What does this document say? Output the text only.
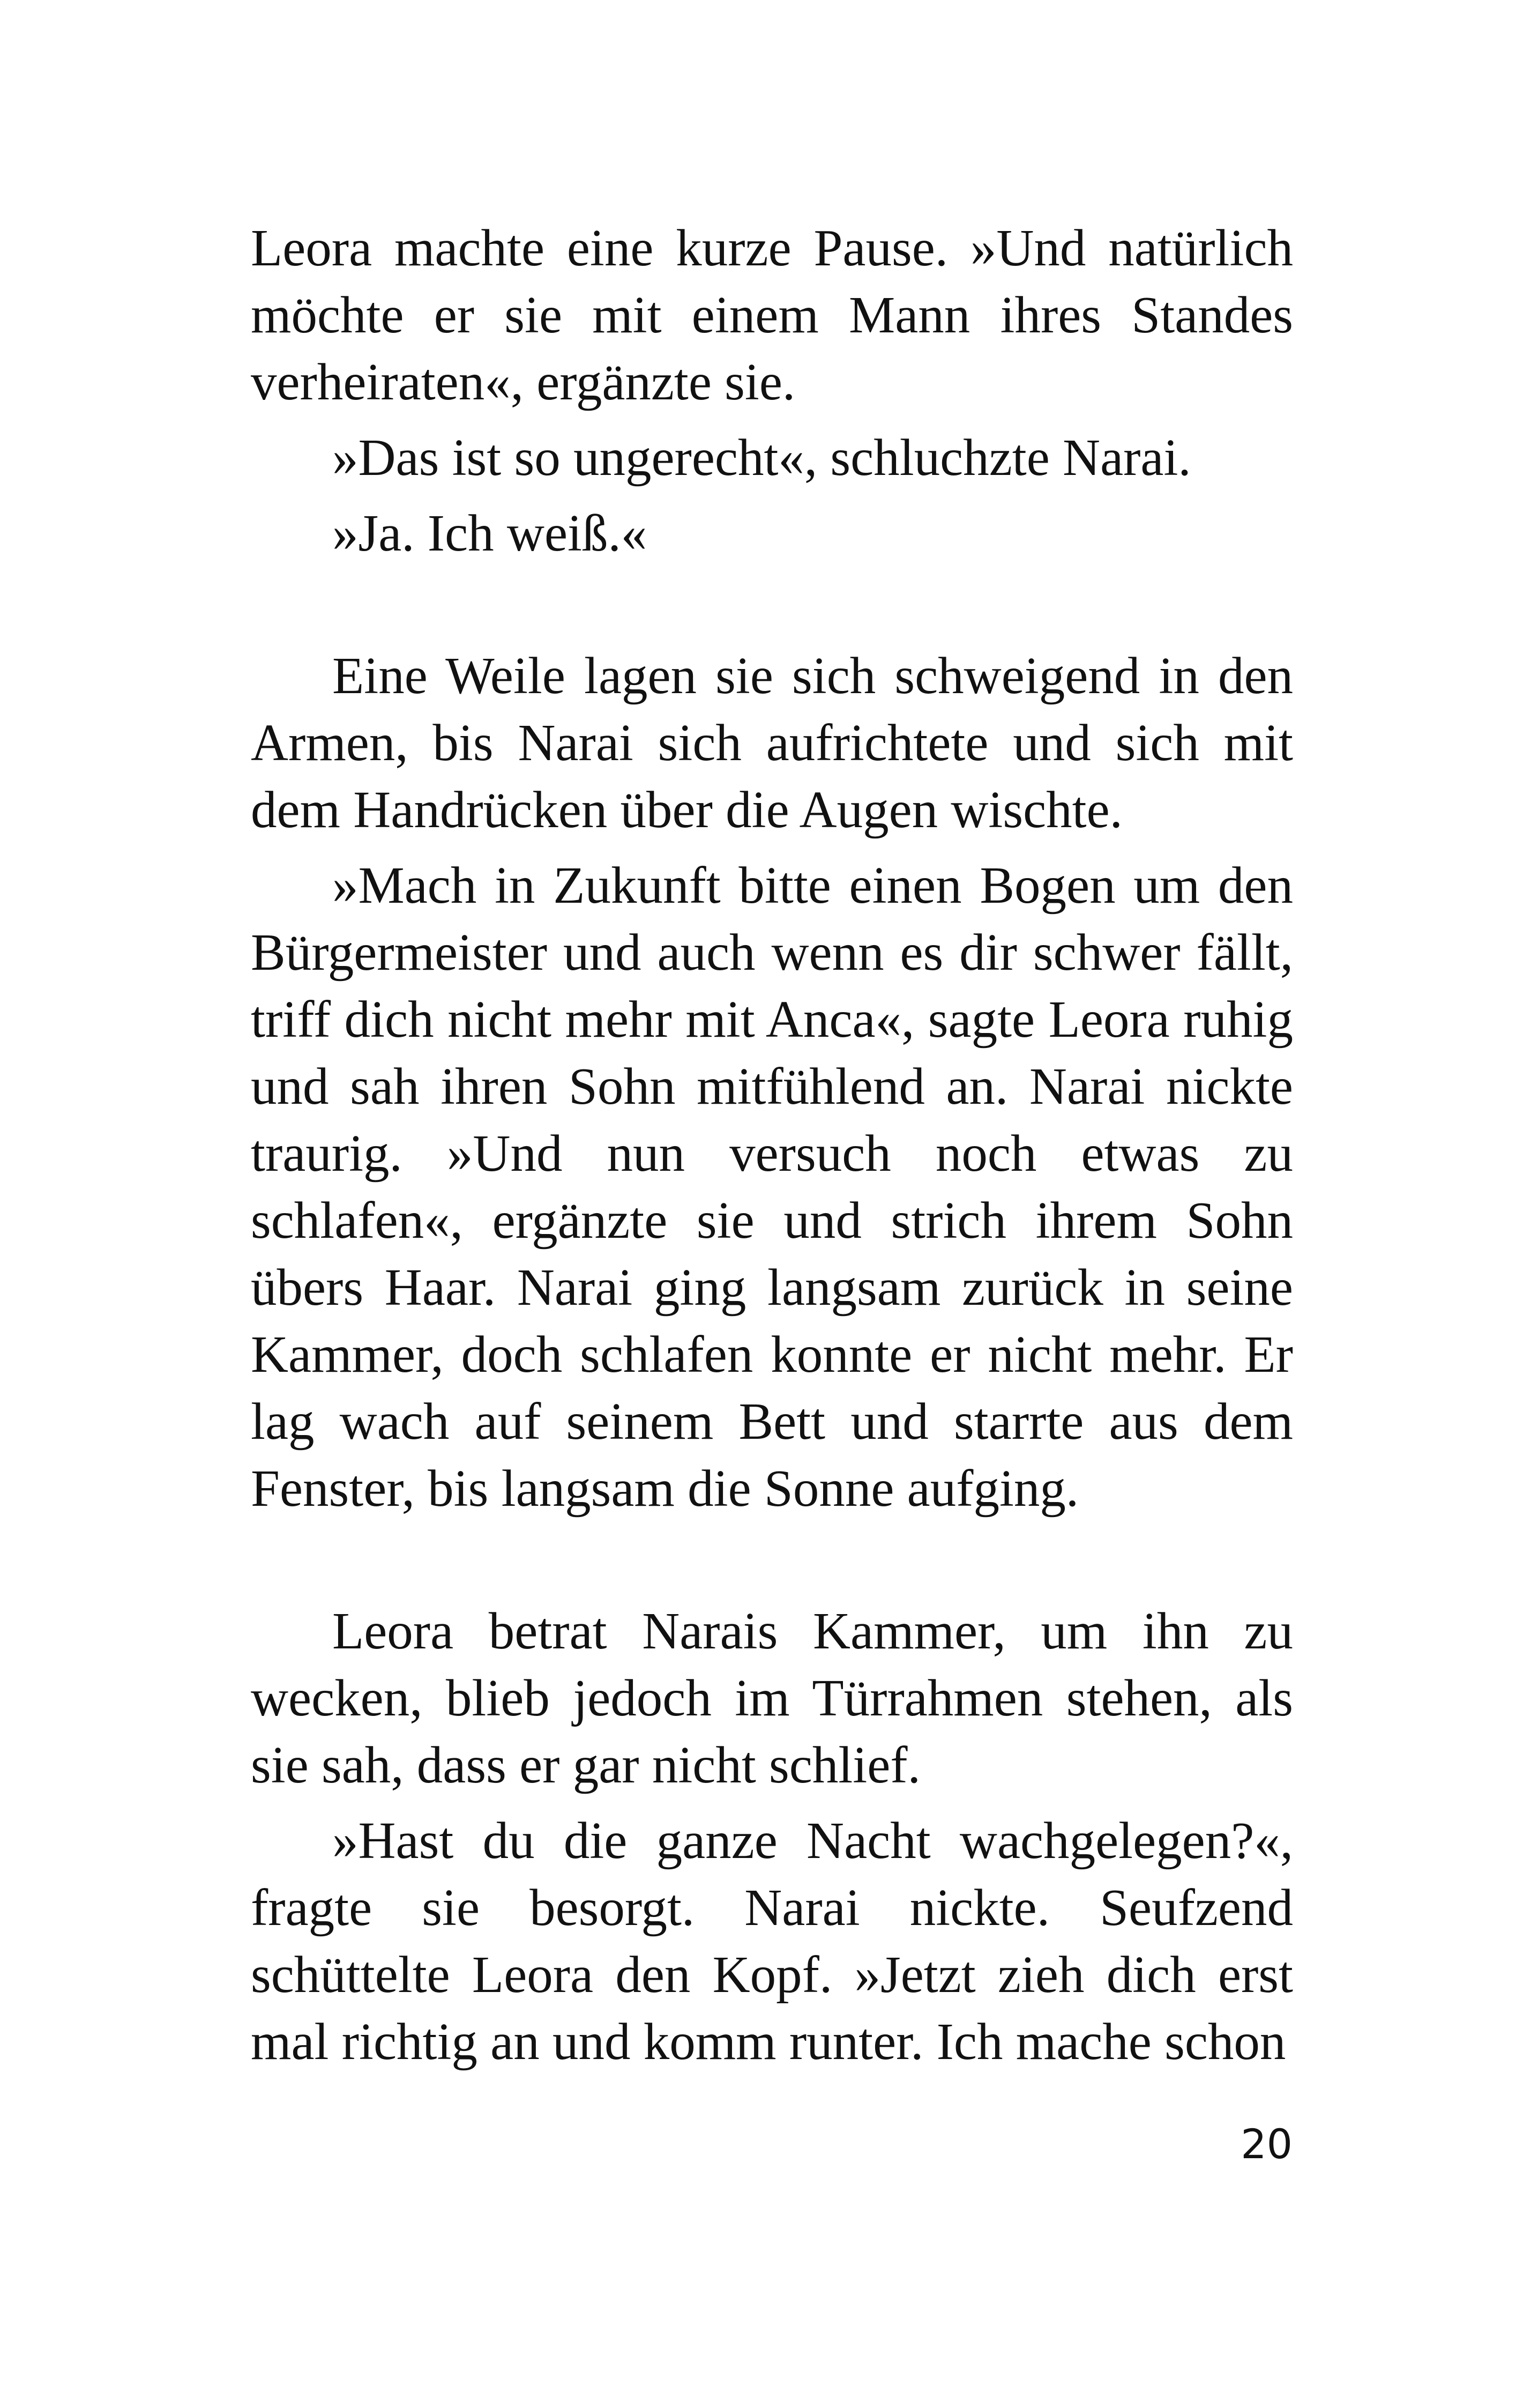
Leora machte eine kurze Pause. »Und natürlich möchte er sie mit einem Mann ihres Standes verheiraten«, ergänzte sie.

»Das ist so ungerecht«, schluchzte Narai.

»Ja. Ich weiß.«

Eine Weile lagen sie sich schweigend in den Armen, bis Narai sich aufrichtete und sich mit dem Handrücken über die Augen wischte.

»Mach in Zukunft bitte einen Bogen um den Bürgermeister und auch wenn es dir schwer fällt, triff dich nicht mehr mit Anca«, sagte Leora ruhig und sah ihren Sohn mitfühlend an. Narai nickte traurig. »Und nun versuch noch etwas zu schlafen«, ergänzte sie und strich ihrem Sohn übers Haar. Narai ging langsam zurück in seine Kammer, doch schlafen konnte er nicht mehr. Er lag wach auf seinem Bett und starrte aus dem Fenster, bis langsam die Sonne aufging.

Leora betrat Narais Kammer, um ihn zu wecken, blieb jedoch im Türrahmen stehen, als sie sah, dass er gar nicht schlief.

»Hast du die ganze Nacht wachgelegen?«, fragte sie besorgt. Narai nickte. Seufzend schüttelte Leora den Kopf. »Jetzt zieh dich erst mal richtig an und komm runter. Ich mache schon

20
